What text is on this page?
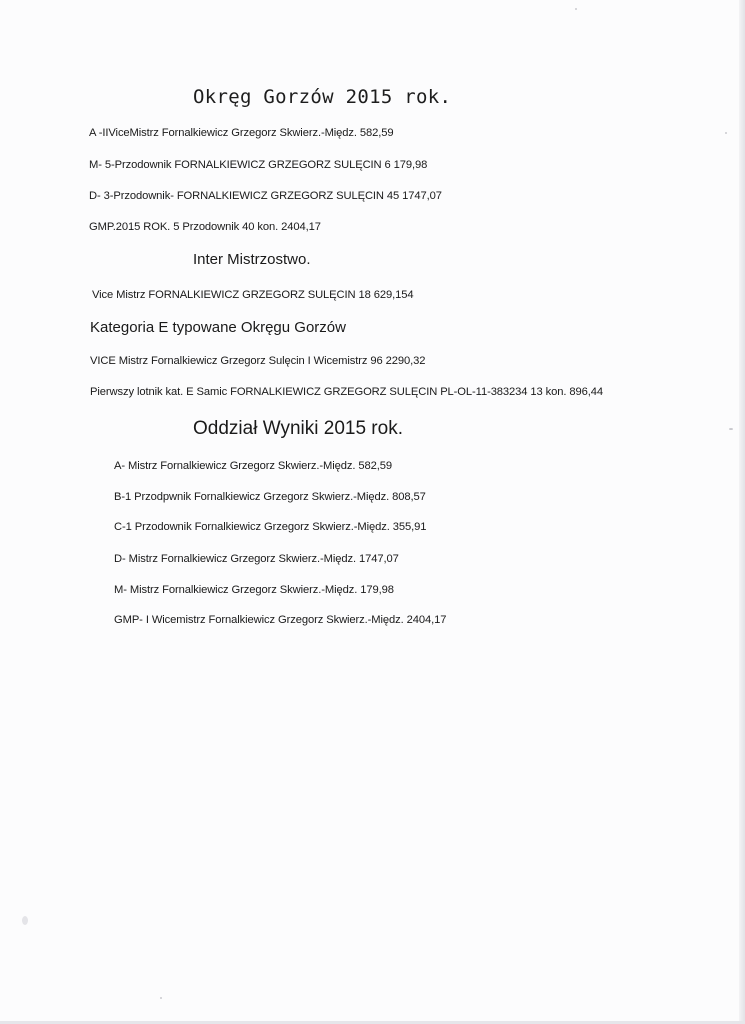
Okręg Gorzów 2015 rok.
A -IIViceMistrz Fornalkiewicz Grzegorz Skwierz.-Międz. 582,59
M- 5-Przodownik FORNALKIEWICZ GRZEGORZ SULĘCIN 6 179,98
D- 3-Przodownik- FORNALKIEWICZ GRZEGORZ SULĘCIN 45 1747,07
GMP.2015 ROK. 5 Przodownik 40 kon. 2404,17
Inter Mistrzostwo.
Vice Mistrz FORNALKIEWICZ GRZEGORZ SULĘCIN 18 629,154
Kategoria E typowane Okręgu Gorzów
VICE Mistrz Fornalkiewicz Grzegorz Sulęcin I Wicemistrz 96 2290,32
Pierwszy lotnik kat. E Samic FORNALKIEWICZ GRZEGORZ SULĘCIN PL-OL-11-383234 13 kon. 896,44
Oddział Wyniki 2015 rok.
A- Mistrz Fornalkiewicz Grzegorz Skwierz.-Międz. 582,59
B-1 Przodpwnik Fornalkiewicz Grzegorz Skwierz.-Międz. 808,57
C-1 Przodownik Fornalkiewicz Grzegorz Skwierz.-Międz. 355,91
D- Mistrz Fornalkiewicz Grzegorz Skwierz.-Międz. 1747,07
M- Mistrz Fornalkiewicz Grzegorz Skwierz.-Międz. 179,98
GMP- I Wicemistrz Fornalkiewicz Grzegorz Skwierz.-Międz. 2404,17
